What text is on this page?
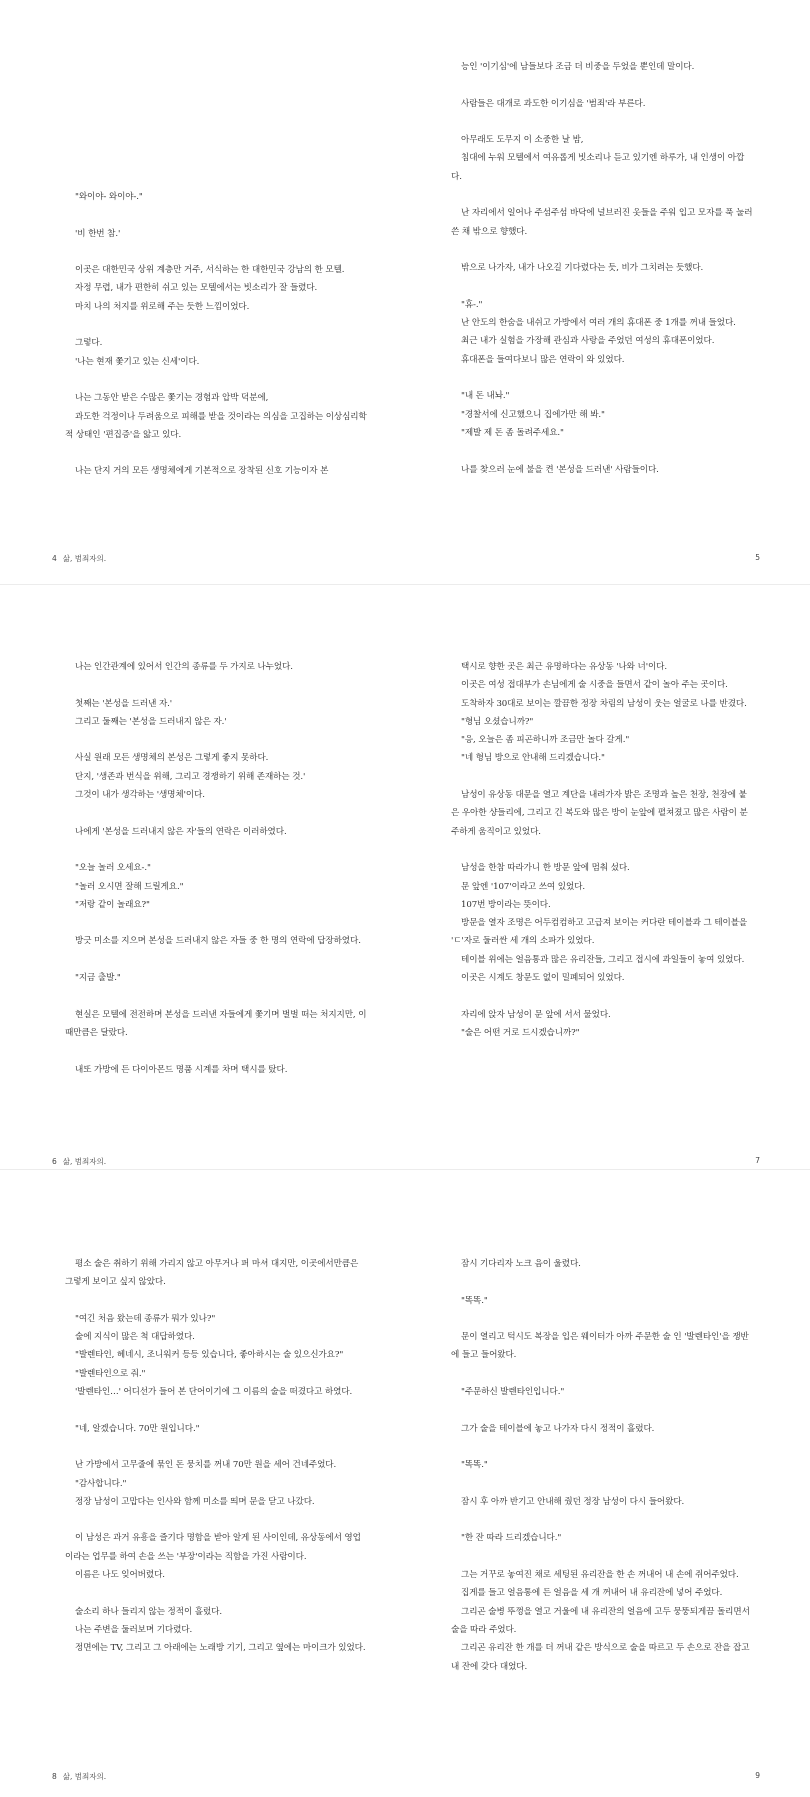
"와이야- 와이야-."

'비 한번 참.'

이곳은 대한민국 상위 계층만 거주, 서식하는 한 대한민국 강남의 한 모텔.

자정 무렵, 내가 편한히 쉬고 있는 모텔에서는 빗소리가 잘 들렸다.

마치 나의 처지를 위로해 주는 듯한 느낌이었다.

그렇다.

'나는 현재 쫓기고 있는 신세'이다.

나는 그동안 받은 수많은 쫓기는 경험과 압박 덕분에,

과도한 걱정이나 두려움으로 피해를 받을 것이라는 의심을 고집하는 이상심리학적 상태인 '편집증'을 앓고 있다.

나는 단지 거의 모든 생명체에게 기본적으로 장착된 신호 기능이자 본

4 삶, 범죄자의.

능인 '이기심'에 남들보다 조금 더 비중을 두었을 뿐인데 말이다.

사람들은 대개로 과도한 이기심을 '범죄'라 부른다.

아무래도 도무지 이 소중한 날 밤,

침대에 누워 모텔에서 여유롭게 빗소리나 듣고 있기엔 하루가, 내 인생이 아깝다.

난 자리에서 일어나 주섬주섬 바닥에 널브러진 옷들을 주워 입고 모자를 푹 눌러쓴 채 밖으로 향했다.

밖으로 나가자, 내가 나오길 기다렸다는 듯, 비가 그치려는 듯했다.

"휴-."

난 안도의 한숨을 내쉬고 가방에서 여러 개의 휴대폰 중 1개를 꺼내 들었다.

최근 내가 실험을 가장해 관심과 사랑을 주었던 여성의 휴대폰이었다.

휴대폰을 들여다보니 많은 연락이 와 있었다.

"내 돈 내놔."

"경찰서에 신고했으니 집에가만 해 봐."

"제발 제 돈 좀 돌려주세요."

나를 찾으러 눈에 불을 켠 '본성을 드러낸' 사람들이다.

5

나는 인간관계에 있어서 인간의 종류를 두 가지로 나누었다.

첫째는 '본성을 드러낸 자.'

그리고 둘째는 '본성을 드러내지 않은 자.'

사실 원래 모든 생명체의 본성은 그렇게 좋지 못하다.

단지, '생존과 번식을 위해, 그리고 경쟁하기 위해 존재하는 것.'

그것이 내가 생각하는 '생명체'이다.

나에게 '본성을 드러내지 않은 자'들의 연락은 이러하였다.

"오늘 놀러 오세요-."

"놀러 오시면 잘해 드릴게요."

"저랑 같이 놀래요?"

방긋 미소를 지으며 본성을 드러내지 않은 자들 중 한 명의 연락에 답장하였다.

"지금 출발."

현실은 모텔에 전전하며 본성을 드러낸 자들에게 쫓기며 벌벌 떠는 처지지만, 이때만큼은 달랐다.

내또 가방에 든 다이아몬드 명품 시계를 차며 택시를 탔다.

6 삶, 범죄자의.

택시로 향한 곳은 최근 유명하다는 유상동 '나와 너'이다.

이곳은 여성 접대부가 손님에게 술 시중을 들면서 같이 놀아 주는 곳이다.

도착하자 30대로 보이는 깔끔한 정장 차림의 남성이 웃는 얼굴로 나를 반겼다.

"형님 오셨습니까?"

"응, 오늘은 좀 피곤하니까 조금만 놀다 갈게."

"네 형님 방으로 안내해 드리겠습니다."

남성이 유상동 대문을 열고 계단을 내려가자 밝은 조명과 높은 천장, 천장에 붙은 우아한 샹들리에, 그리고 긴 복도와 많은 방이 눈앞에 펼쳐졌고 많은 사람이 분주하게 움직이고 있었다.

남성을 한참 따라가니 한 방문 앞에 멈춰 섰다.

문 앞엔 '107'이라고 쓰여 있었다.

107번 방이라는 뜻이다.

방문을 열자 조명은 어두컴컴하고 고급져 보이는 커다란 테이블과 그 테이블을 'ㄷ'자로 둘러싼 세 개의 소파가 있었다.

테이블 위에는 얼음통과 많은 유리잔들, 그리고 접시에 과일들이 놓여 있었다.

이곳은 시계도 창문도 없이 밀폐되어 있었다.

자리에 앉자 남성이 문 앞에 서서 물었다.

"술은 어떤 거로 드시겠습니까?"

7

평소 술은 취하기 위해 가리지 않고 아무거나 퍼 마셔 대지만, 이곳에서만큼은 그렇게 보이고 싶지 않았다.

"여긴 처음 왔는데 종류가 뭐가 있나?"

술에 지식이 많은 척 대답하였다.

"발렌타인, 헤네시, 조니워커 등등 있습니다, 좋아하시는 술 있으신가요?"

"발렌타인으로 줘."

'발렌타인…' 어디선가 들어 본 단어이기에 그 이름의 술을 떠겼다고 하였다.

"네, 알겠습니다. 70만 원입니다."

난 가방에서 고무줄에 묶인 돈 뭉치를 꺼내 70만 원을 세어 건네주었다.

"감사합니다."

정장 남성이 고맙다는 인사와 함께 미소를 띄며 문을 닫고 나갔다.

이 남성은 과거 유흥을 즐기다 명함을 받아 알게 된 사이인데, 유상동에서 영업이라는 업무를 하여 손을 쓰는 '부장'이라는 직함을 가진 사람이다.

이름은 나도 잊어버렸다.

술소리 하나 들리지 않는 정적이 흘렀다.

나는 주변을 둘러보며 기다렸다.

정면에는 TV, 그리고 그 아래에는 노래방 기기, 그리고 옆에는 마이크가 있었다.

8 삶, 범죄자의.

잠시 기다리자 노크 음이 울렸다.

"똑똑."

문이 열리고 턱시도 복장을 입은 웨이터가 아까 주문한 술 인 '발렌타인'을 쟁반에 들고 들어왔다.

"주문하신 발렌타인입니다."

그가 술을 테이블에 놓고 나가자 다시 정적이 흘렀다.

"똑똑."

잠시 후 아까 반기고 안내해 줬던 정장 남성이 다시 들어왔다.

"한 잔 따라 드리겠습니다."

그는 거꾸로 놓여진 채로 세팅된 유리잔을 한 손 꺼내어 내 손에 쥐어주었다.

집게를 들고 얼음통에 든 얼음을 세 개 꺼내어 내 유리잔에 넣어 주었다.

그리곤 술병 뚜껑을 열고 거울에 내 유리잔의 얼음에 고두 뭉뚱되게끔 돌리면서 술을 따라 주었다.

그리곤 유리잔 한 개를 더 꺼내 같은 방식으로 술을 따르고 두 손으로 잔을 잡고 내 잔에 갖다 대었다.

9
